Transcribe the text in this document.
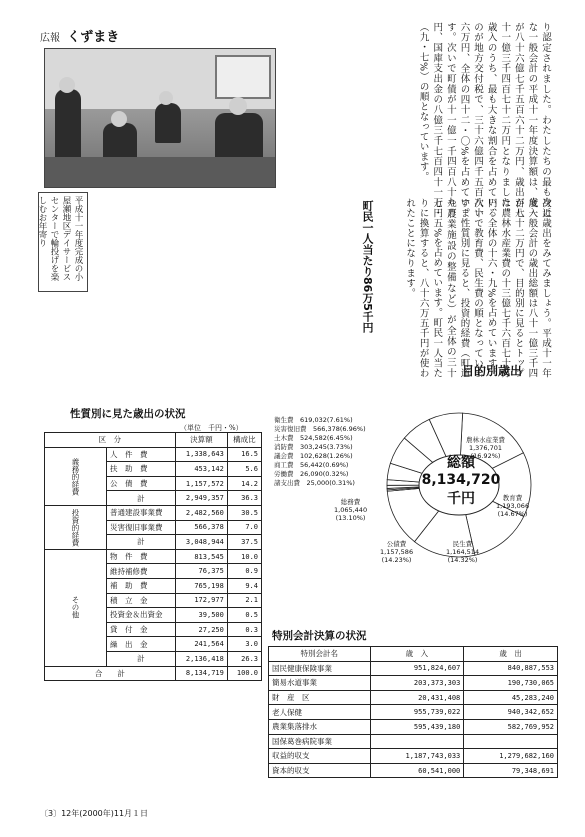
広報 くずまき
平成十一年度完成の小屋瀬地区デイサービスセンターで輪投げを楽しむお年寄り
り認定されました。わたしたちの最も身近な一般会計の平成十一年度決算額は、歳入が八十六億七千五百六十二万円、歳出が八十一億三千四百七十二万円となりました。歳入のうち、最も大きな割合を占めているのが地方交付税で、三十六億四千五百八十六万円、全体の四十二・〇%を占めています。次いで町債が十一億一千四百八十九万円、国庫支出金の八億三千七百四十一万円（九・七%）の順となっています。
町民一人当たり86万5千円	次に歳出をみてみましょう。平成十一年度一般会計の歳出総額は八十一億三千四百七十二万円で、目的別に見るとトップは農林水産業費の十三億七千六百七十万円、全体の十六・九%を占めています。次いで教育費、民生費の順となっています。性質別に見ると、投資的経費（町道や農業施設の整備など）が全体の三十七・五%を占めています。町民一人当たりに換算すると、八十六万五千円が使われたことになります。
目的別歳出
性質別に見た歳出の状況
特別会計決算の状況
（単位　千円・%）
衛生費　619,032(7.61%)
災害復旧費　566,378(6.96%)
土木費　524,582(6.45%)
消防費　303,245(3.73%)
議会費　102,628(1.26%)
商工費　56,442(0.69%)
労働費　26,090(0.32%)
諸支出費　25,000(0.31%)
総額
8,134,720
千円
農林水産業費
1,376,701
(16.92%)
教育費
1,193,066
(14.67%)
民生費
1,164,514
(14.32%)
公債費
1,157,586
(14.23%)
総務費
1,065,440
(13.10%)
区　分		決算額	構成比
義務的経費	人　件　費	1,338,643	16.5
	扶　助　費	453,142	5.6
	公　債　費	1,157,572	14.2
	計	2,949,357	36.3
投資的経費	普通建設事業費	2,482,560	30.5
	災害復旧事業費	566,378	7.0
	計	3,048,944	37.5
その他	物　件　費	813,545	10.0
	維持補修費	76,375	0.9
	補　助　費	765,198	9.4
	積　立　金	172,977	2.1
	投資金＆出資金	39,500	0.5
	貸　付　金	27,250	0.3
	繰　出　金	241,564	3.0
	計	2,136,418	26.3
合　　計		8,134,719	100.0
特別会計名	歳　入	歳　出
国民健康保険事業	951,824,607	840,887,553
簡易水道事業	203,373,303	190,730,065
財　産　区	20,431,408	45,283,240
老人保健	955,739,022	940,342,652
農業集落排水	595,439,180	582,769,952
国保葛巻病院事業		
収益的収支	1,187,743,033	1,279,682,160
資本的収支	60,541,000	79,348,691
〔3〕12年(2000年)11月１日
